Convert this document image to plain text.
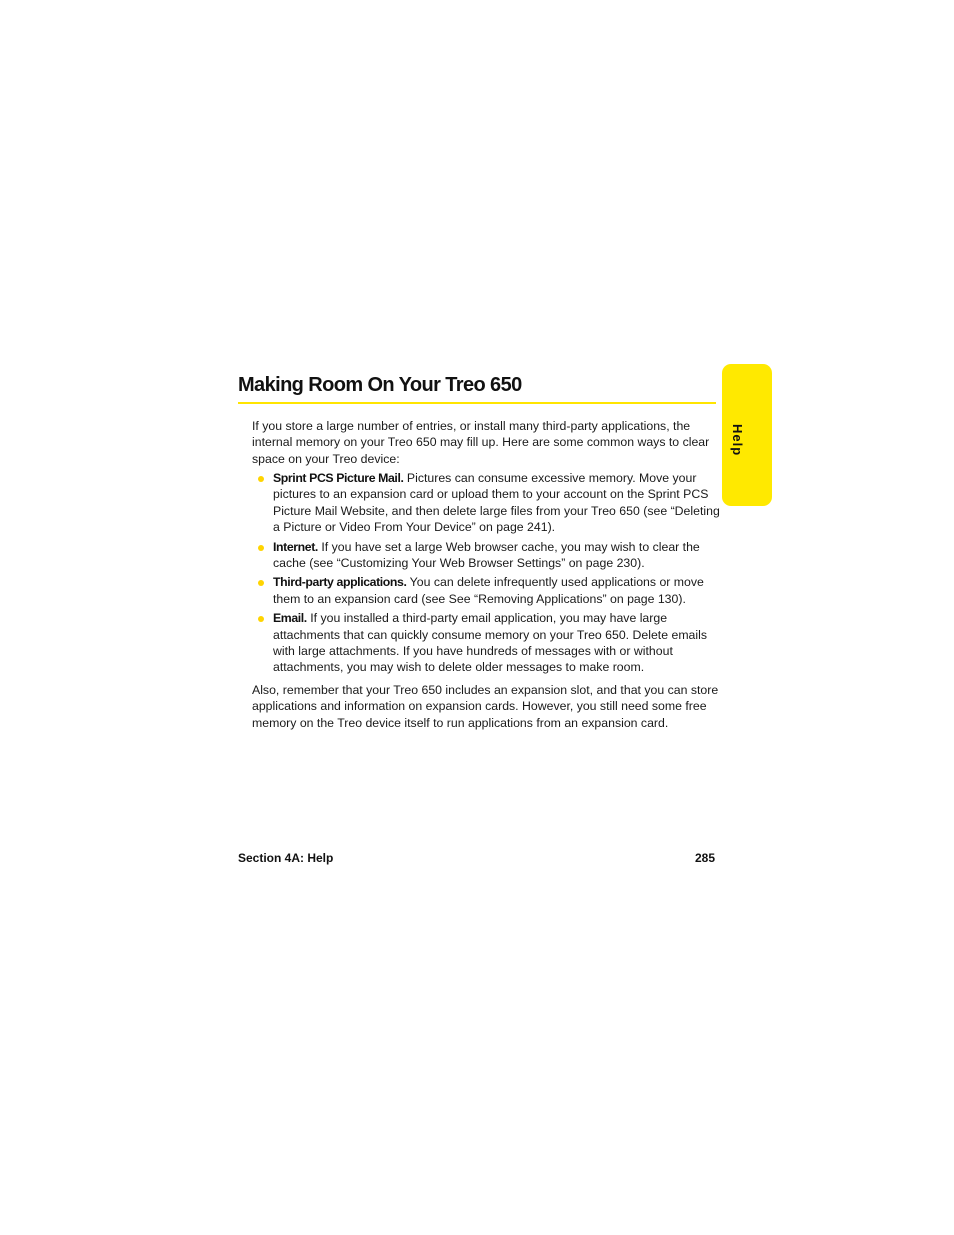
Making Room On Your Treo 650
Help

If you store a large number of entries, or install many third-party applications, the internal memory on your Treo 650 may fill up. Here are some common ways to clear space on your Treo device:

Sprint PCS Picture Mail. Pictures can consume excessive memory. Move your pictures to an expansion card or upload them to your account on the Sprint PCS Picture Mail Website, and then delete large files from your Treo 650 (see “Deleting a Picture or Video From Your Device” on page 241).
Internet. If you have set a large Web browser cache, you may wish to clear the cache (see “Customizing Your Web Browser Settings” on page 230).
Third-party applications. You can delete infrequently used applications or move them to an expansion card (see See “Removing Applications” on page 130).
Email. If you installed a third-party email application, you may have large attachments that can quickly consume memory on your Treo 650. Delete emails with large attachments. If you have hundreds of messages with or without attachments, you may wish to delete older messages to make room.

Also, remember that your Treo 650 includes an expansion slot, and that you can store applications and information on expansion cards. However, you still need some free memory on the Treo device itself to run applications from an expansion card.

Section 4A: Help	285
